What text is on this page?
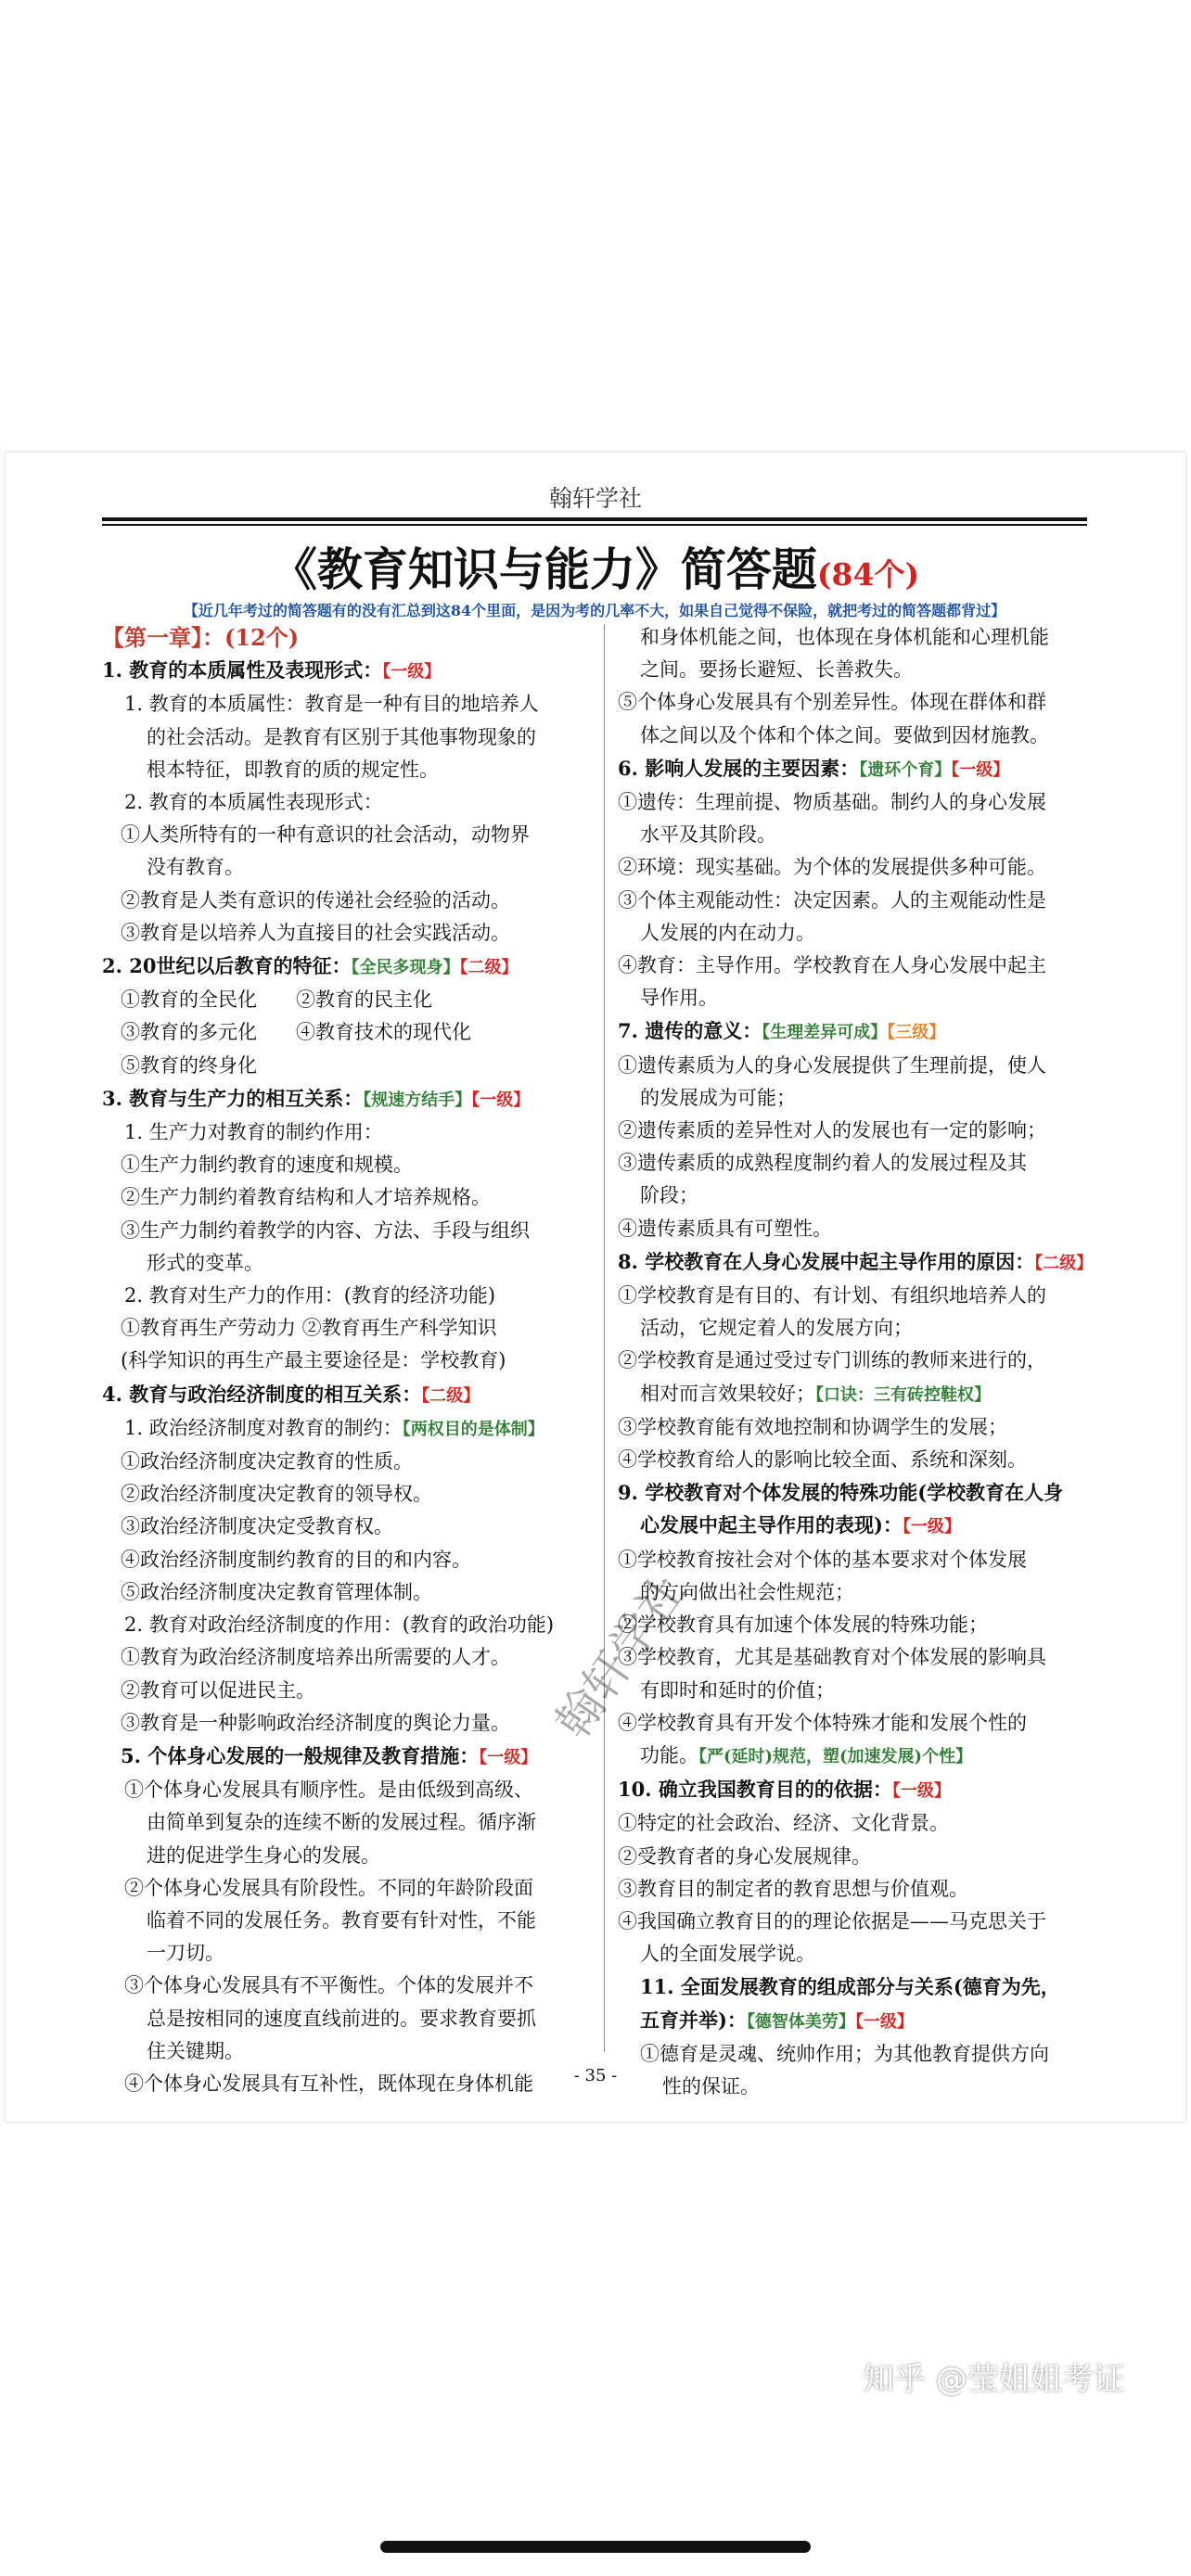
翰轩学社
《教育知识与能力》简答题(84个)
【近几年考过的简答题有的没有汇总到这84个里面，是因为考的几率不大，如果自己觉得不保险，就把考过的简答题都背过】
【第一章】：(12个)
1. 教育的本质属性及表现形式：【一级】
1. 教育的本质属性：教育是一种有目的地培养人
的社会活动。是教育有区别于其他事物现象的
根本特征，即教育的质的规定性。
2. 教育的本质属性表现形式：
①人类所特有的一种有意识的社会活动，动物界
没有教育。
②教育是人类有意识的传递社会经验的活动。
③教育是以培养人为直接目的社会实践活动。
2. 20世纪以后教育的特征：【全民多现身】【二级】
①教育的全民化　　②教育的民主化
③教育的多元化　　④教育技术的现代化
⑤教育的终身化
3. 教育与生产力的相互关系：【规速方结手】【一级】
1. 生产力对教育的制约作用：
①生产力制约教育的速度和规模。
②生产力制约着教育结构和人才培养规格。
③生产力制约着教学的内容、方法、手段与组织
形式的变革。
2. 教育对生产力的作用：(教育的经济功能)
①教育再生产劳动力 ②教育再生产科学知识
(科学知识的再生产最主要途径是：学校教育)
4. 教育与政治经济制度的相互关系：【二级】
1. 政治经济制度对教育的制约：【两权目的是体制】
①政治经济制度决定教育的性质。
②政治经济制度决定教育的领导权。
③政治经济制度决定受教育权。
④政治经济制度制约教育的目的和内容。
⑤政治经济制度决定教育管理体制。
2. 教育对政治经济制度的作用：(教育的政治功能)
①教育为政治经济制度培养出所需要的人才。
②教育可以促进民主。
③教育是一种影响政治经济制度的舆论力量。
5. 个体身心发展的一般规律及教育措施：【一级】
①个体身心发展具有顺序性。是由低级到高级、
由简单到复杂的连续不断的发展过程。循序渐
进的促进学生身心的发展。
②个体身心发展具有阶段性。不同的年龄阶段面
临着不同的发展任务。教育要有针对性，不能
一刀切。
③个体身心发展具有不平衡性。个体的发展并不
总是按相同的速度直线前进的。要求教育要抓
住关键期。
④个体身心发展具有互补性，既体现在身体机能
和身体机能之间，也体现在身体机能和心理机能
之间。要扬长避短、长善救失。
⑤个体身心发展具有个别差异性。体现在群体和群
体之间以及个体和个体之间。要做到因材施教。
6. 影响人发展的主要因素：【遗环个育】【一级】
①遗传：生理前提、物质基础。制约人的身心发展
水平及其阶段。
②环境：现实基础。为个体的发展提供多种可能。
③个体主观能动性：决定因素。人的主观能动性是
人发展的内在动力。
④教育：主导作用。学校教育在人身心发展中起主
导作用。
7. 遗传的意义：【生理差异可成】【三级】
①遗传素质为人的身心发展提供了生理前提，使人
的发展成为可能；
②遗传素质的差异性对人的发展也有一定的影响；
③遗传素质的成熟程度制约着人的发展过程及其
阶段；
④遗传素质具有可塑性。
8. 学校教育在人身心发展中起主导作用的原因：【二级】
①学校教育是有目的、有计划、有组织地培养人的
活动，它规定着人的发展方向；
②学校教育是通过受过专门训练的教师来进行的，
相对而言效果较好；【口诀：三有砖控鞋权】
③学校教育能有效地控制和协调学生的发展；
④学校教育给人的影响比较全面、系统和深刻。
9. 学校教育对个体发展的特殊功能(学校教育在人身
心发展中起主导作用的表现)：【一级】
①学校教育按社会对个体的基本要求对个体发展
的方向做出社会性规范；
②学校教育具有加速个体发展的特殊功能；
③学校教育，尤其是基础教育对个体发展的影响具
有即时和延时的价值；
④学校教育具有开发个体特殊才能和发展个性的
功能。【严(延时)规范，塑(加速发展)个性】
10. 确立我国教育目的的依据：【一级】
①特定的社会政治、经济、文化背景。
②受教育者的身心发展规律。
③教育目的制定者的教育思想与价值观。
④我国确立教育目的的理论依据是——马克思关于
人的全面发展学说。
11. 全面发展教育的组成部分与关系(德育为先，
五育并举)：【德智体美劳】【一级】
①德育是灵魂、统帅作用；为其他教育提供方向
性的保证。
翰轩学社
- 35 -
知乎 @莹姐姐考证
